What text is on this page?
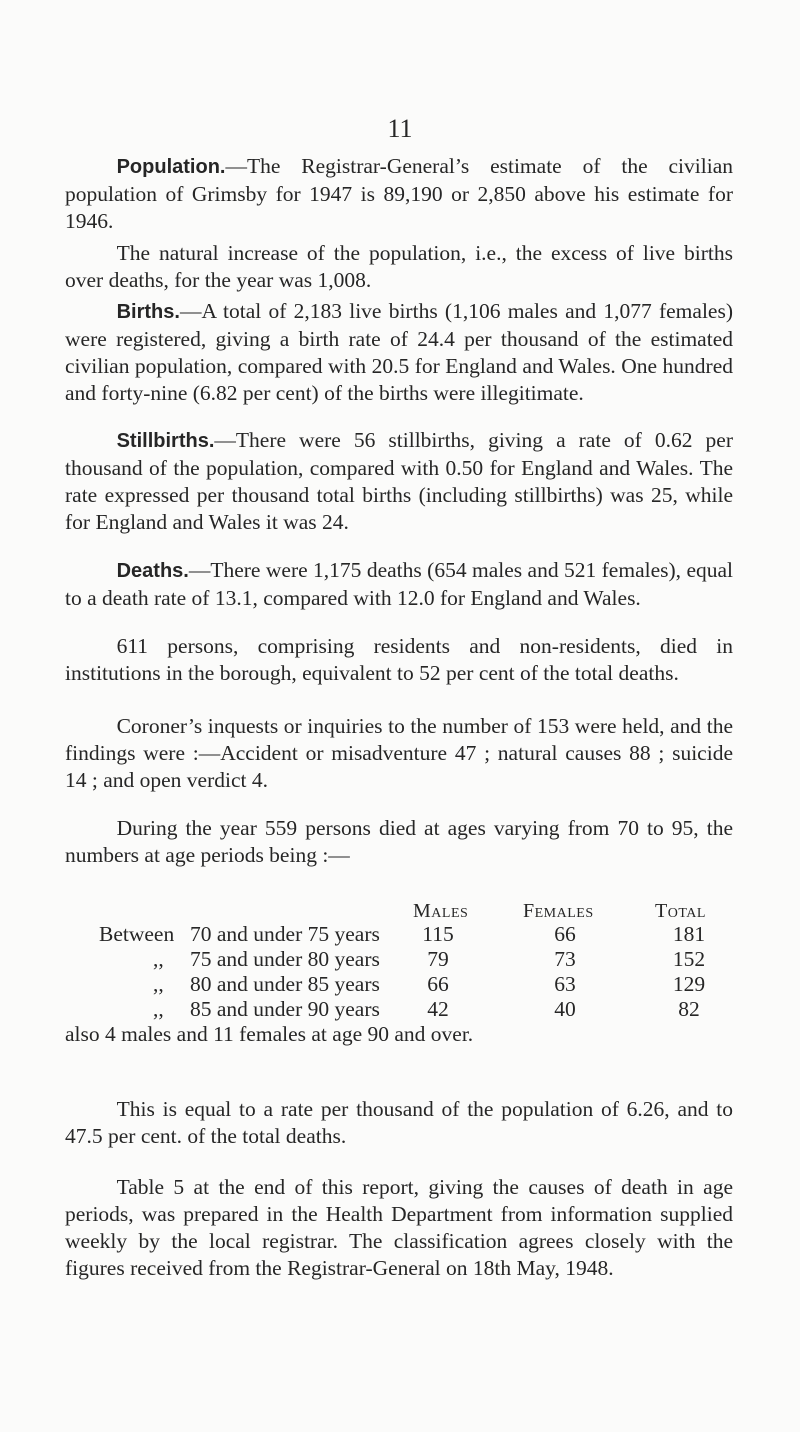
11

Population.—The Registrar-General’s estimate of the civilian population of Grimsby for 1947 is 89,190 or 2,850 above his estimate for 1946.

The natural increase of the population, i.e., the excess of live births over deaths, for the year was 1,008.

Births.—A total of 2,183 live births (1,106 males and 1,077 females) were registered, giving a birth rate of 24.4 per thousand of the estimated civilian population, compared with 20.5 for England and Wales. One hundred and forty-nine (6.82 per cent) of the births were illegitimate.

Stillbirths.—There were 56 stillbirths, giving a rate of 0.62 per thousand of the population, compared with 0.50 for England and Wales. The rate expressed per thousand total births (including stillbirths) was 25, while for England and Wales it was 24.

Deaths.—There were 1,175 deaths (654 males and 521 females), equal to a death rate of 13.1, compared with 12.0 for England and Wales.

611 persons, comprising residents and non-residents, died in institutions in the borough, equivalent to 52 per cent of the total deaths.

Coroner’s inquests or inquiries to the number of 153 were held, and the findings were :—Accident or misadventure 47 ; natural causes 88 ; suicide 14 ; and open verdict 4.

During the year 559 persons died at ages varying from 70 to 95, the numbers at age periods being :—

Males	Females	Total
Between 70 and under 75 years	115	66	181
,, 75 and under 80 years	79	73	152
,, 80 and under 85 years	66	63	129
,, 85 and under 90 years	42	40	82
also 4 males and 11 females at age 90 and over.

This is equal to a rate per thousand of the population of 6.26, and to 47.5 per cent. of the total deaths.

Table 5 at the end of this report, giving the causes of death in age periods, was prepared in the Health Department from information supplied weekly by the local registrar. The classification agrees closely with the figures received from the Registrar-General on 18th May, 1948.
